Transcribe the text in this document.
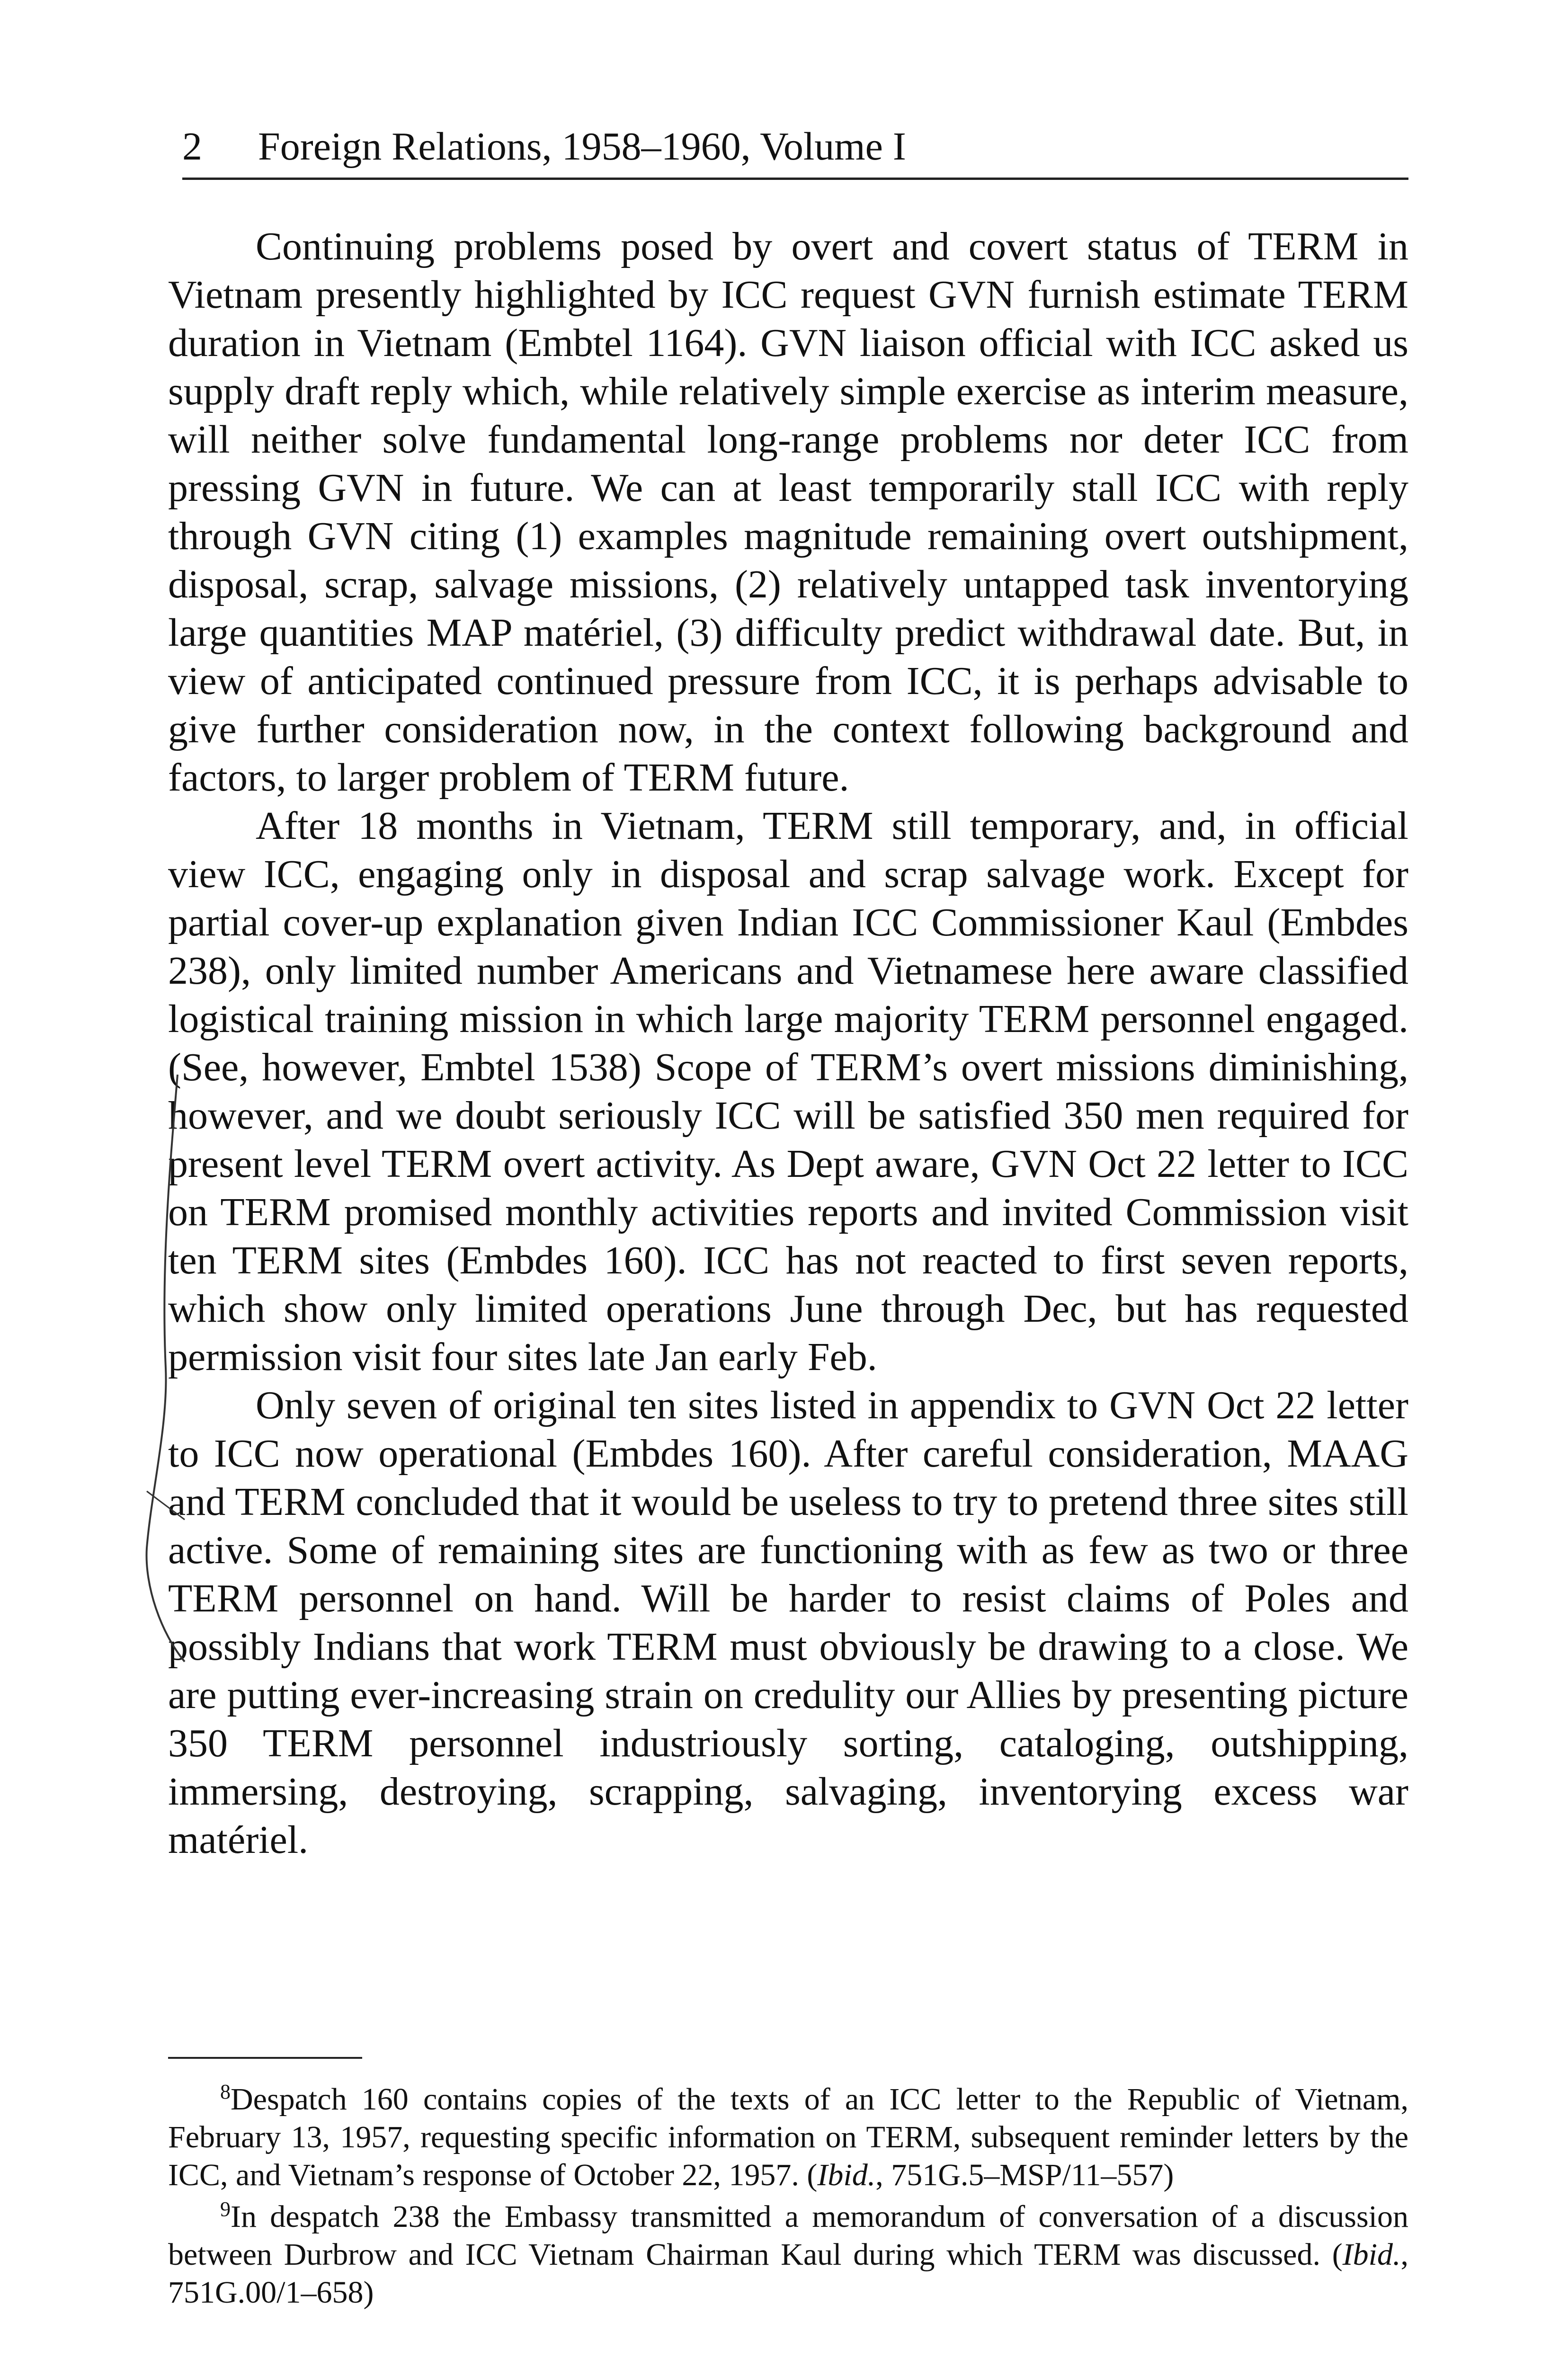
2 Foreign Relations, 1958–1960, Volume I

Continuing problems posed by overt and covert status of TERM in Vietnam presently highlighted by ICC request GVN furnish estimate TERM duration in Vietnam (Embtel 1164). GVN liaison official with ICC asked us supply draft reply which, while relatively simple exercise as interim measure, will neither solve fundamental long-range problems nor deter ICC from pressing GVN in future. We can at least temporarily stall ICC with reply through GVN citing (1) examples magnitude remaining overt outshipment, disposal, scrap, salvage missions, (2) relatively untapped task inventorying large quantities MAP matériel, (3) difficulty predict withdrawal date. But, in view of anticipated continued pressure from ICC, it is perhaps advisable to give further consideration now, in the context following background and factors, to larger problem of TERM future.

After 18 months in Vietnam, TERM still temporary, and, in official view ICC, engaging only in disposal and scrap salvage work. Except for partial cover-up explanation given Indian ICC Commissioner Kaul (Embdes 238), only limited number Americans and Vietnamese here aware classified logistical training mission in which large majority TERM personnel engaged. (See, however, Embtel 1538) Scope of TERM’s overt missions diminishing, however, and we doubt seriously ICC will be satisfied 350 men required for present level TERM overt activity. As Dept aware, GVN Oct 22 letter to ICC on TERM promised monthly activities reports and invited Commission visit ten TERM sites (Embdes 160). ICC has not reacted to first seven reports, which show only limited operations June through Dec, but has requested permission visit four sites late Jan early Feb.

Only seven of original ten sites listed in appendix to GVN Oct 22 letter to ICC now operational (Embdes 160). After careful consideration, MAAG and TERM concluded that it would be useless to try to pretend three sites still active. Some of remaining sites are functioning with as few as two or three TERM personnel on hand. Will be harder to resist claims of Poles and possibly Indians that work TERM must obviously be drawing to a close. We are putting ever-increasing strain on credulity our Allies by presenting picture 350 TERM personnel industriously sorting, cataloging, outshipping, immersing, destroying, scrapping, salvaging, inventorying excess war matériel.

$^8$Despatch 160 contains copies of the texts of an ICC letter to the Republic of Vietnam, February 13, 1957, requesting specific information on TERM, subsequent reminder letters by the ICC, and Vietnam’s response of October 22, 1957. (Ibid., 751G.5–MSP/11–557)

$^9$In despatch 238 the Embassy transmitted a memorandum of conversation of a discussion between Durbrow and ICC Vietnam Chairman Kaul during which TERM was discussed. (Ibid., 751G.00/1–658)
